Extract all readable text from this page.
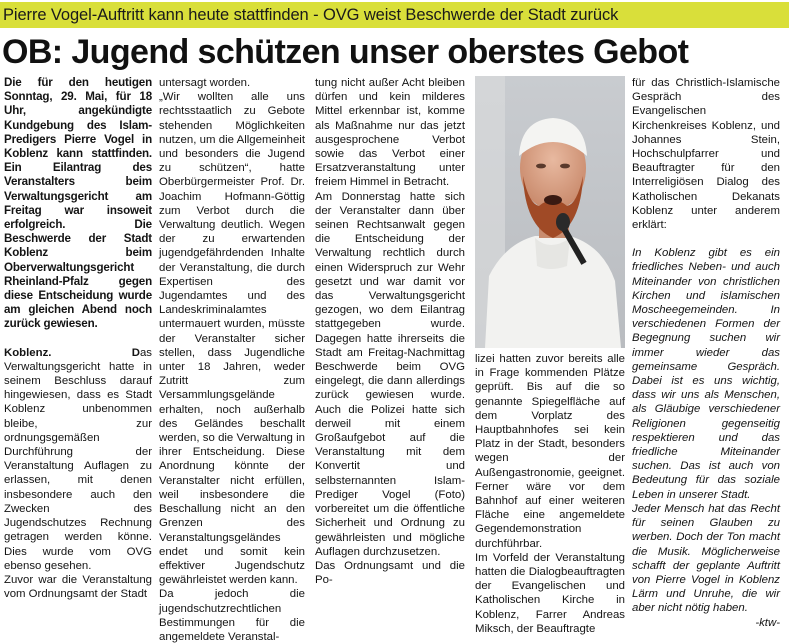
Pierre Vogel-Auftritt kann heute stattfinden - OVG weist Beschwerde der Stadt zurück
OB: Jugend schützen unser oberstes Gebot

Die für den heutigen Sonntag, 29. Mai, für 18 Uhr, angekündigte Kundgebung des Islam-Predigers Pierre Vogel in Koblenz kann stattfinden. Ein Eilantrag des Veranstalters beim Verwaltungsgericht am Freitag war insoweit erfolgreich. Die Beschwerde der Stadt Koblenz beim Oberverwaltungsgericht Rheinland-Pfalz gegen diese Entscheidung wurde am gleichen Abend noch zurück gewiesen.

Koblenz.	Das Verwaltungsgericht hatte in seinem Beschluss darauf hingewiesen, dass es Stadt Koblenz unbenommen bleibe, zur ordnungsgemäßen Durchführung der Veranstaltung Auflagen zu erlassen, mit denen insbesondere auch den Zwecken des Jugendschutzes Rechnung getragen werden könne. Dies wurde vom OVG ebenso gesehen.

Zuvor war die Veranstaltung vom Ordnungsamt der Stadt

untersagt worden.

„Wir wollten alle uns rechtsstaatlich zu Gebote stehenden Möglichkeiten nutzen, um die Allgemeinheit und besonders die Jugend zu schützen“, hatte Oberbürgermeister Prof. Dr. Joachim Hofmann-Göttig zum Verbot durch die Verwaltung deutlich. Wegen der zu erwartenden jugendgefährdenden Inhalte der Veranstaltung, die durch Expertisen des Jugendamtes und des Landeskriminalamtes untermauert wurden, müsste der Veranstalter sicher stellen, dass Jugendliche unter 18 Jahren, weder Zutritt zum Versammlungsgelände erhalten, noch außerhalb des Geländes beschallt werden, so die Verwaltung in ihrer Entscheidung. Diese Anordnung könnte der Veranstalter nicht erfüllen, weil insbesondere die Beschallung nicht an den Grenzen des Veranstaltungsgeländes endet und somit kein effektiver Jugendschutz gewährleistet werden kann.

Da jedoch die jugendschutzrechtlichen Bestimmungen für die angemeldete Veranstal-

tung nicht außer Acht bleiben dürfen und kein milderes Mittel erkennbar ist, komme als Maßnahme nur das jetzt ausgesprochene Verbot sowie das Verbot einer Ersatzveranstaltung unter freiem Himmel in Betracht.

Am Donnerstag hatte sich der Veranstalter dann über seinen Rechtsanwalt gegen die Entscheidung der Verwaltung rechtlich durch einen Widerspruch zur Wehr gesetzt und war damit vor das Verwaltungsgericht gezogen, wo dem Eilantrag stattgegeben wurde. Dagegen hatte ihrerseits die Stadt am Freitag-Nachmittag Beschwerde beim OVG eingelegt, die dann allerdings zurück gewiesen wurde. Auch die Polizei hatte sich derweil mit einem Großaufgebot auf die Veranstaltung mit dem Konvertit und selbsternannten Islam-Prediger Vogel (Foto) vorbereitet um die öffentliche Sicherheit und Ordnung zu gewährleisten und mögliche Auflagen durchzusetzen.

Das Ordnungsamt und die Po-

lizei hatten zuvor bereits alle in Frage kommenden Plätze geprüft. Bis auf die so genannte Spiegelfläche auf dem Vorplatz des Hauptbahnhofes sei kein Platz in der Stadt, besonders wegen der Außengastronomie, geeignet. Ferner wäre vor dem Bahnhof auf einer weiteren Fläche eine angemeldete Gegendemonstration durchführbar.

Im Vorfeld der Veranstaltung hatten die Dialogbeauftragten der Evangelischen und Katholischen Kirche in Koblenz, Farrer Andreas Miksch, der Beauftragte

für das Christlich-Islamische Gespräch des Evangelischen Kirchenkreises Koblenz, und Johannes Stein, Hochschulpfarrer und Beauftragter für den Interreligiösen Dialog des Katholischen Dekanats Koblenz unter anderem erklärt:

In Koblenz gibt es ein friedliches Neben- und auch Miteinander von christlichen Kirchen und islamischen Moscheegemeinden. In verschiedenen Formen der Begegnung suchen wir immer wieder das gemeinsame Gespräch. Dabei ist es uns wichtig, dass wir uns als Menschen, als Gläubige verschiedener Religionen gegenseitig respektieren und das friedliche Miteinander suchen. Das ist auch von Bedeutung für das soziale Leben in unserer Stadt.

Jeder Mensch hat das Recht für seinen Glauben zu werben. Doch der Ton macht die Musik. Möglicherweise schafft der geplante Auftritt von Pierre Vogel in Koblenz Lärm und Unruhe, die wir aber nicht nötig haben.

-ktw-
